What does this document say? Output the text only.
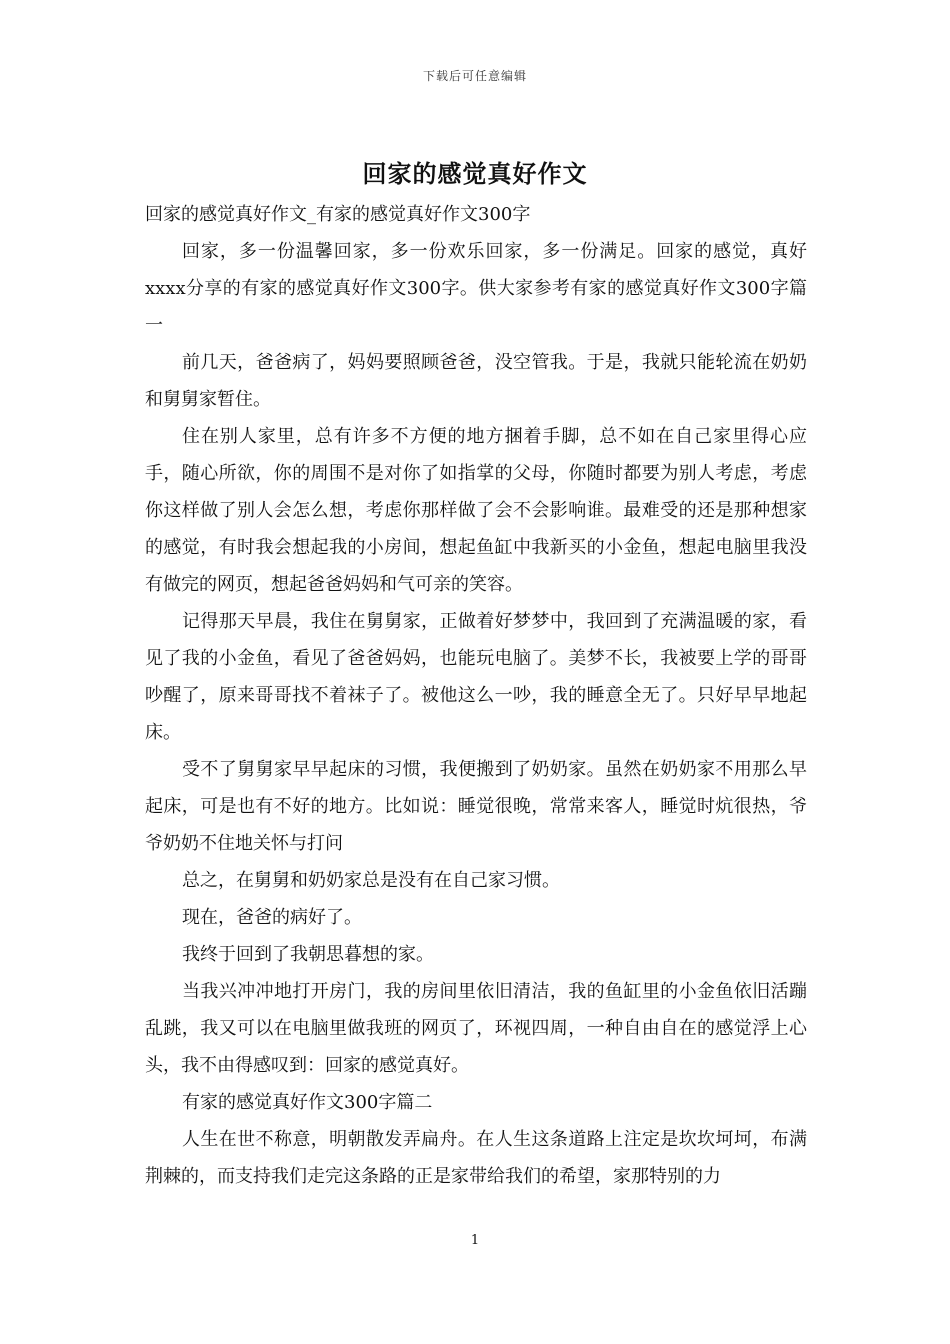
下载后可任意编辑
回家的感觉真好作文

回家的感觉真好作文_有家的感觉真好作文300字

回家，多一份温馨回家，多一份欢乐回家，多一份满足。回家的感觉，真好xxxx分享的有家的感觉真好作文300字。供大家参考有家的感觉真好作文300字篇一

前几天，爸爸病了，妈妈要照顾爸爸，没空管我。于是，我就只能轮流在奶奶和舅舅家暂住。

住在别人家里，总有许多不方便的地方捆着手脚，总不如在自己家里得心应手，随心所欲，你的周围不是对你了如指掌的父母，你随时都要为别人考虑，考虑你这样做了别人会怎么想，考虑你那样做了会不会影响谁。最难受的还是那种想家的感觉，有时我会想起我的小房间，想起鱼缸中我新买的小金鱼，想起电脑里我没有做完的网页，想起爸爸妈妈和气可亲的笑容。

记得那天早晨，我住在舅舅家，正做着好梦梦中，我回到了充满温暖的家，看见了我的小金鱼，看见了爸爸妈妈，也能玩电脑了。美梦不长，我被要上学的哥哥吵醒了，原来哥哥找不着袜子了。被他这么一吵，我的睡意全无了。只好早早地起床。

受不了舅舅家早早起床的习惯，我便搬到了奶奶家。虽然在奶奶家不用那么早起床，可是也有不好的地方。比如说：睡觉很晚，常常来客人，睡觉时炕很热，爷爷奶奶不住地关怀与打问

总之，在舅舅和奶奶家总是没有在自己家习惯。

现在，爸爸的病好了。

我终于回到了我朝思暮想的家。

当我兴冲冲地打开房门，我的房间里依旧清洁，我的鱼缸里的小金鱼依旧活蹦乱跳，我又可以在电脑里做我班的网页了，环视四周，一种自由自在的感觉浮上心头，我不由得感叹到：回家的感觉真好。

有家的感觉真好作文300字篇二

人生在世不称意，明朝散发弄扁舟。在人生这条道路上注定是坎坎坷坷，布满荆棘的，而支持我们走完这条路的正是家带给我们的希望，家那特别的力

1
